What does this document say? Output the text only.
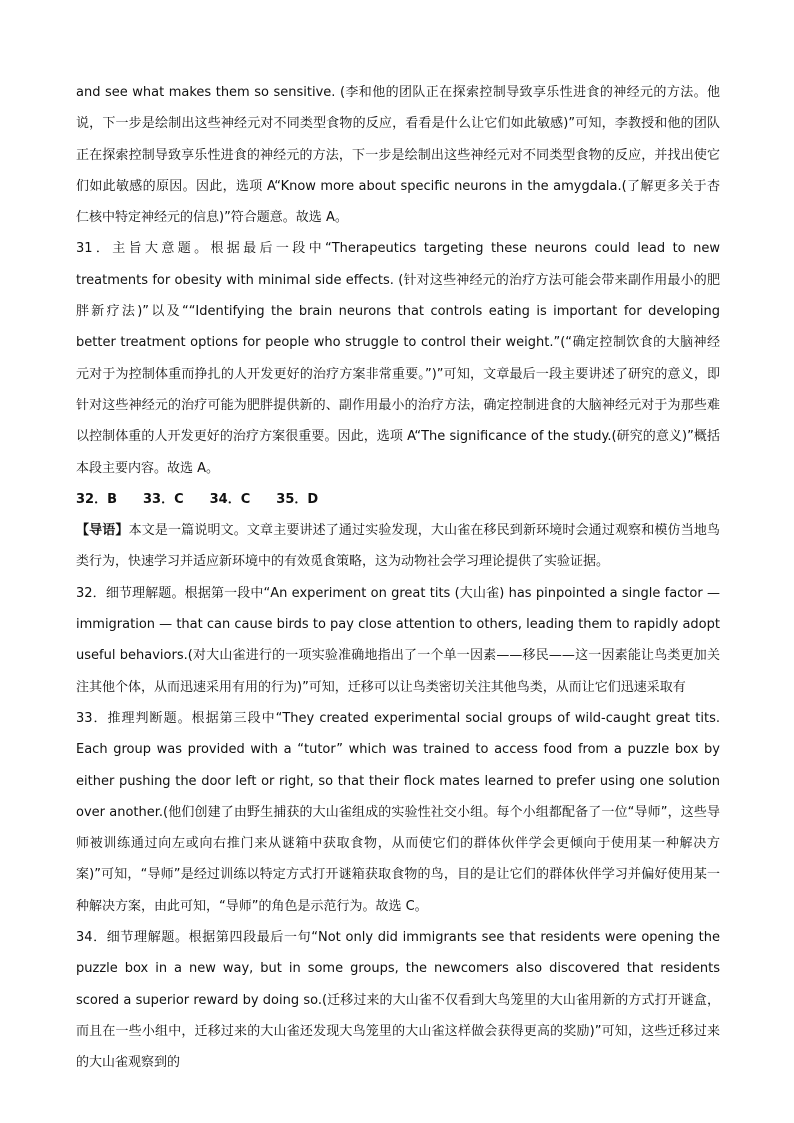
and see what makes them so sensitive. (李和他的团队正在探索控制导致享乐性进食的神经元的方法。他说，下一步是绘制出这些神经元对不同类型食物的反应，看看是什么让它们如此敏感)”可知，李教授和他的团队正在探索控制导致享乐性进食的神经元的方法，下一步是绘制出这些神经元对不同类型食物的反应，并找出使它们如此敏感的原因。因此，选项 A“Know more about specific neurons in the amygdala.(了解更多关于杏仁核中特定神经元的信息)”符合题意。故选 A。

31．主旨大意题。根据最后一段中“Therapeutics targeting these neurons could lead to new treatments for obesity with minimal side effects. (针对这些神经元的治疗方法可能会带来副作用最小的肥胖新疗法)”以及““Identifying the brain neurons that controls eating is important for developing better treatment options for people who struggle to control their weight.”(“确定控制饮食的大脑神经元对于为控制体重而挣扎的人开发更好的治疗方案非常重要。”)”可知，文章最后一段主要讲述了研究的意义，即针对这些神经元的治疗可能为肥胖提供新的、副作用最小的治疗方法，确定控制进食的大脑神经元对于为那些难以控制体重的人开发更好的治疗方案很重要。因此，选项 A“The significance of the study.(研究的意义)”概括本段主要内容。故选 A。

32．B 33．C 34．C 35．D

【导语】本文是一篇说明文。文章主要讲述了通过实验发现，大山雀在移民到新环境时会通过观察和模仿当地鸟类行为，快速学习并适应新环境中的有效觅食策略，这为动物社会学习理论提供了实验证据。

32．细节理解题。根据第一段中“An experiment on great tits (大山雀) has pinpointed a single factor — immigration — that can cause birds to pay close attention to others, leading them to rapidly adopt useful behaviors.(对大山雀进行的一项实验准确地指出了一个单一因素——移民——这一因素能让鸟类更加关注其他个体，从而迅速采用有用的行为)”可知，迁移可以让鸟类密切关注其他鸟类，从而让它们迅速采取有

33．推理判断题。根据第三段中“They created experimental social groups of wild-caught great tits. Each group was provided with a “tutor” which was trained to access food from a puzzle box by either pushing the door left or right, so that their flock mates learned to prefer using one solution over another.(他们创建了由野生捕获的大山雀组成的实验性社交小组。每个小组都配备了一位“导师”，这些导师被训练通过向左或向右推门来从谜箱中获取食物，从而使它们的群体伙伴学会更倾向于使用某一种解决方案)”可知，“导师”是经过训练以特定方式打开谜箱获取食物的鸟，目的是让它们的群体伙伴学习并偏好使用某一种解决方案，由此可知，“导师”的角色是示范行为。故选 C。

34．细节理解题。根据第四段最后一句“Not only did immigrants see that residents were opening the puzzle box in a new way, but in some groups, the newcomers also discovered that residents scored a superior reward by doing so.(迁移过来的大山雀不仅看到大鸟笼里的大山雀用新的方式打开谜盒，而且在一些小组中，迁移过来的大山雀还发现大鸟笼里的大山雀这样做会获得更高的奖励)”可知，这些迁移过来的大山雀观察到的
